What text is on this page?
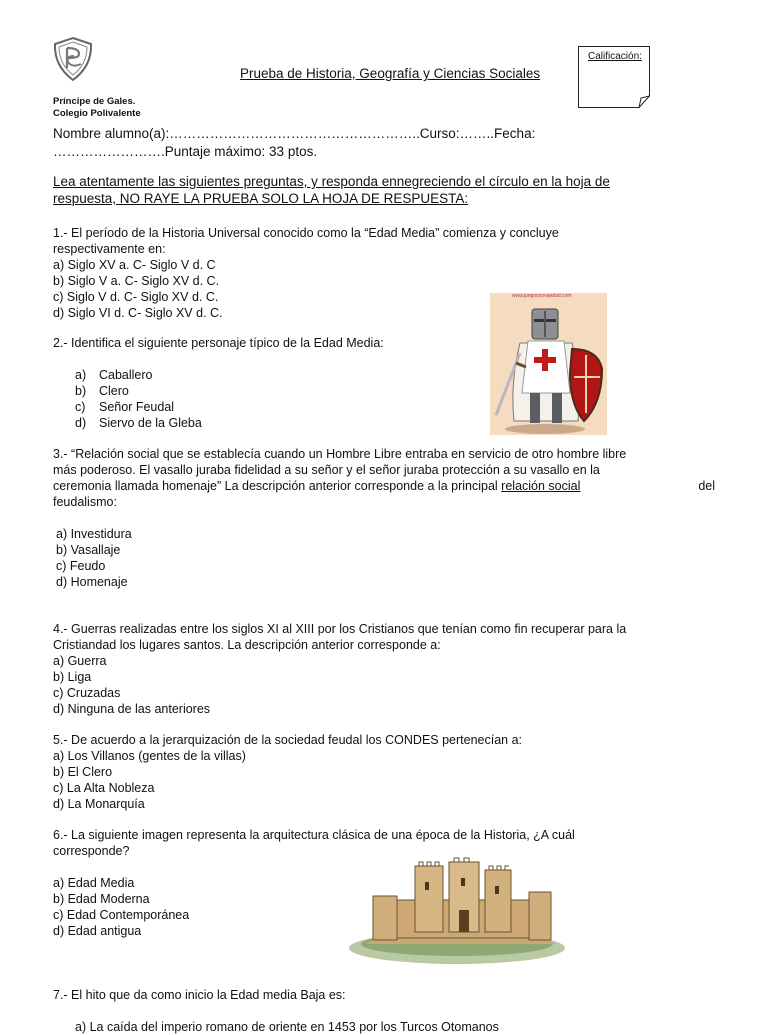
Príncipe de Gales.
Colegio Polivalente
Prueba de Historia, Geografía y Ciencias Sociales
Calificación:
Nombre alumno(a):………………………………………………..Curso:……..Fecha:
…………………….Puntaje máximo: 33 ptos.
Lea atentamente las siguientes preguntas, y responda ennegreciendo el círculo en la hoja de
respuesta, NO RAYE LA PRUEBA SOLO LA HOJA DE RESPUESTA:
1.- El período de la Historia Universal conocido como la “Edad Media” comienza y concluye
respectivamente en:
a) Siglo XV a. C- Siglo V d. C
b) Siglo V a. C- Siglo XV d. C.
c) Siglo V d. C- Siglo XV d. C.
d) Siglo VI d. C- Siglo XV d. C.
www.juegosnovaedad.com
2.- Identifica el siguiente personaje típico de la Edad Media:
a) Caballero
b) Clero
c) Señor Feudal
d) Siervo de la Gleba
3.- “Relación social que se establecía cuando un Hombre Libre entraba en servicio de otro hombre libre
más poderoso. El vasallo juraba fidelidad a su señor y el señor juraba protección a su vasallo en la
ceremonia llamada homenaje” La descripción anterior corresponde a la principal relación social	del
feudalismo:
a) Investidura
b) Vasallaje
c) Feudo
d) Homenaje
4.- Guerras realizadas entre los siglos XI al XIII por los Cristianos que tenían como fin recuperar para la
Cristiandad los lugares santos. La descripción anterior corresponde a:
a) Guerra
b) Liga
c) Cruzadas
d) Ninguna de las anteriores
5.- De acuerdo a la jerarquización de la sociedad feudal los CONDES pertenecían a:
a) Los Villanos (gentes de la villas)
b) El Clero
c) La Alta Nobleza
d) La Monarquía
6.- La siguiente imagen representa la arquitectura clásica de una época de la Historia, ¿A cuál
corresponde?
a) Edad Media
b) Edad Moderna
c) Edad Contemporánea
d) Edad antigua
7.- El hito que da como inicio la Edad media Baja es:
a) La caída del imperio romano de oriente en 1453 por los Turcos Otomanos
